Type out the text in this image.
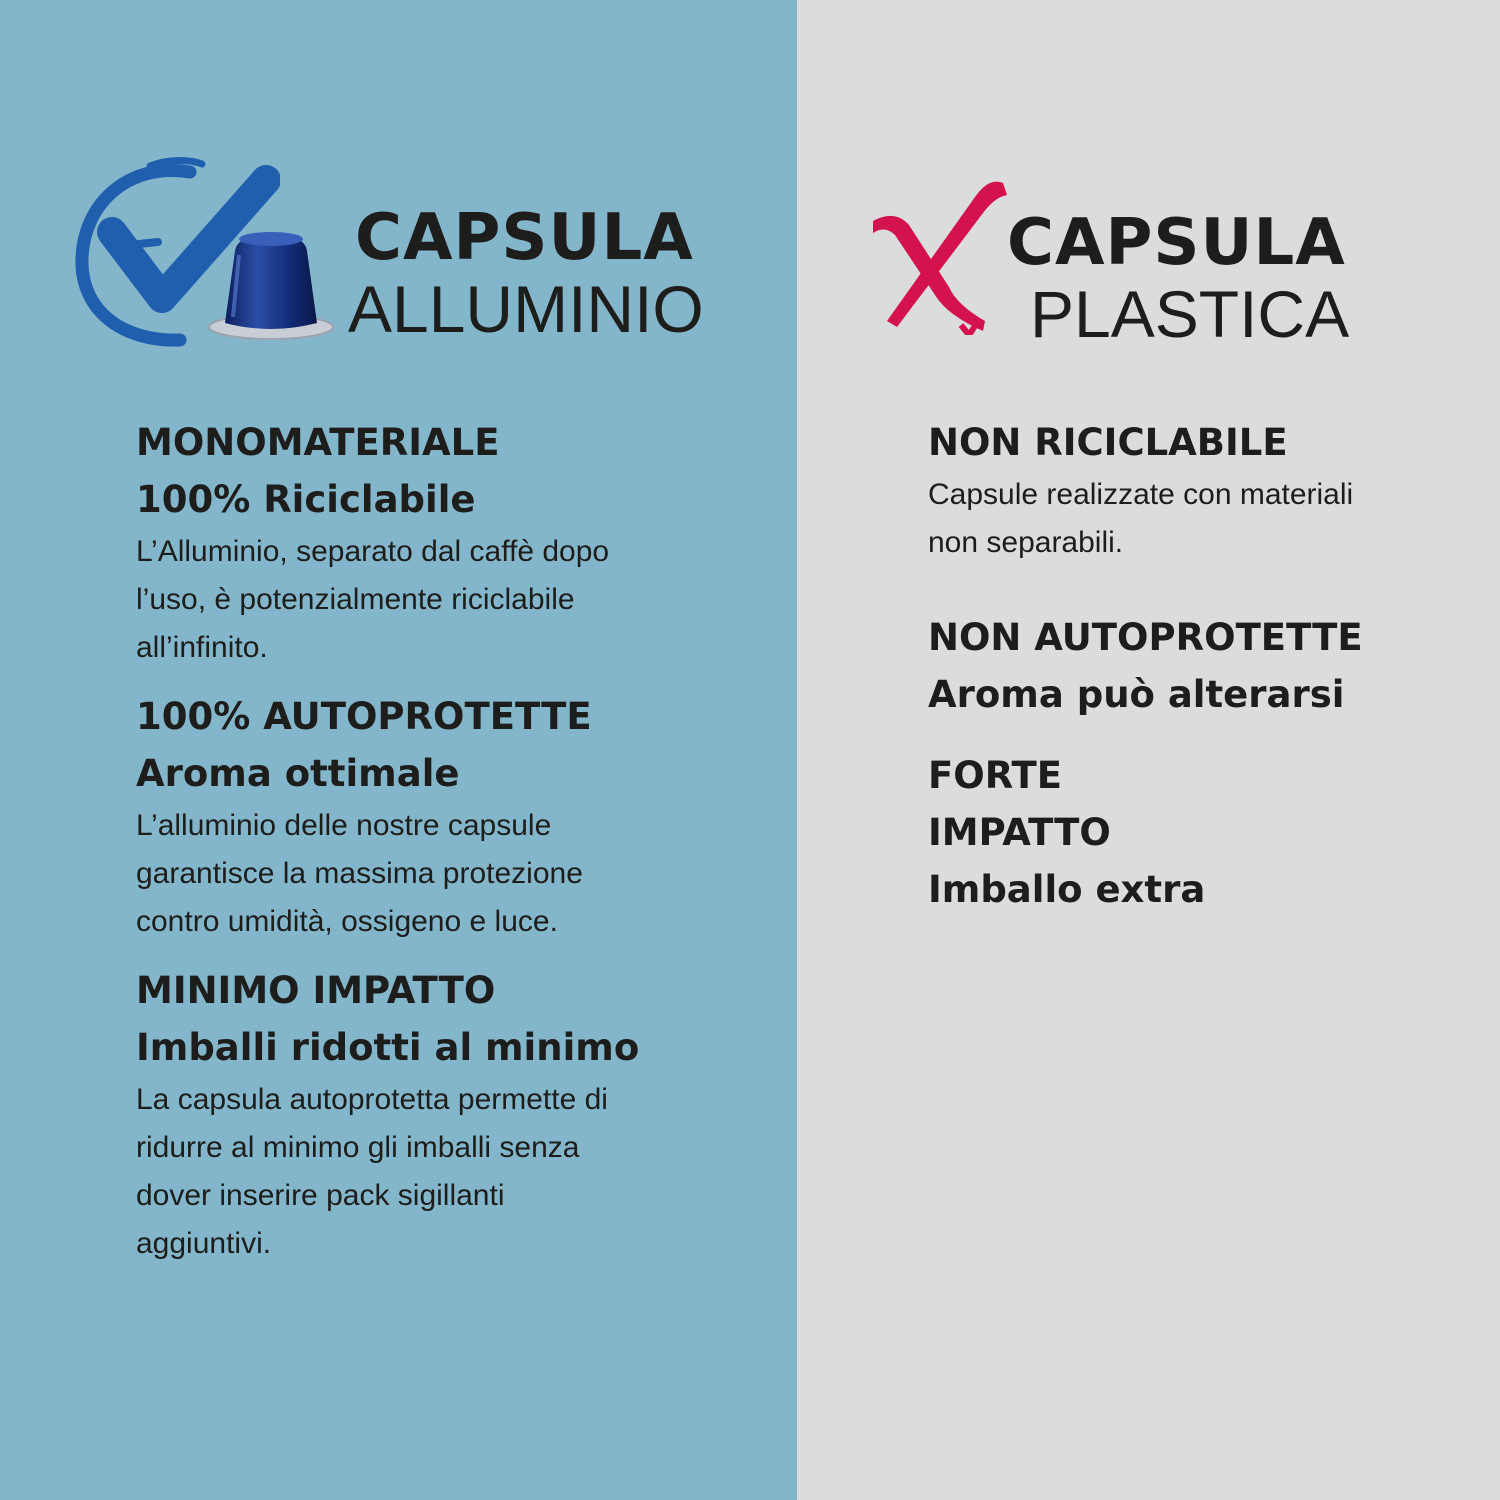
CAPSULA
ALLUMINIO
MONOMATERIALE
100% Riciclabile
L’Alluminio, separato dal caffè dopo
l’uso, è potenzialmente riciclabile
all’infinito.
100% AUTOPROTETTE
Aroma ottimale
L’alluminio delle nostre capsule
garantisce la massima protezione
contro umidità, ossigeno e luce.
MINIMO IMPATTO
Imballi ridotti al minimo
La capsula autoprotetta permette di
ridurre al minimo gli imballi senza
dover inserire pack sigillanti
aggiuntivi.
CAPSULA
PLASTICA
NON RICICLABILE
Capsule realizzate con materiali
non separabili.
NON AUTOPROTETTE
Aroma può alterarsi
FORTE
IMPATTO
Imballo extra
